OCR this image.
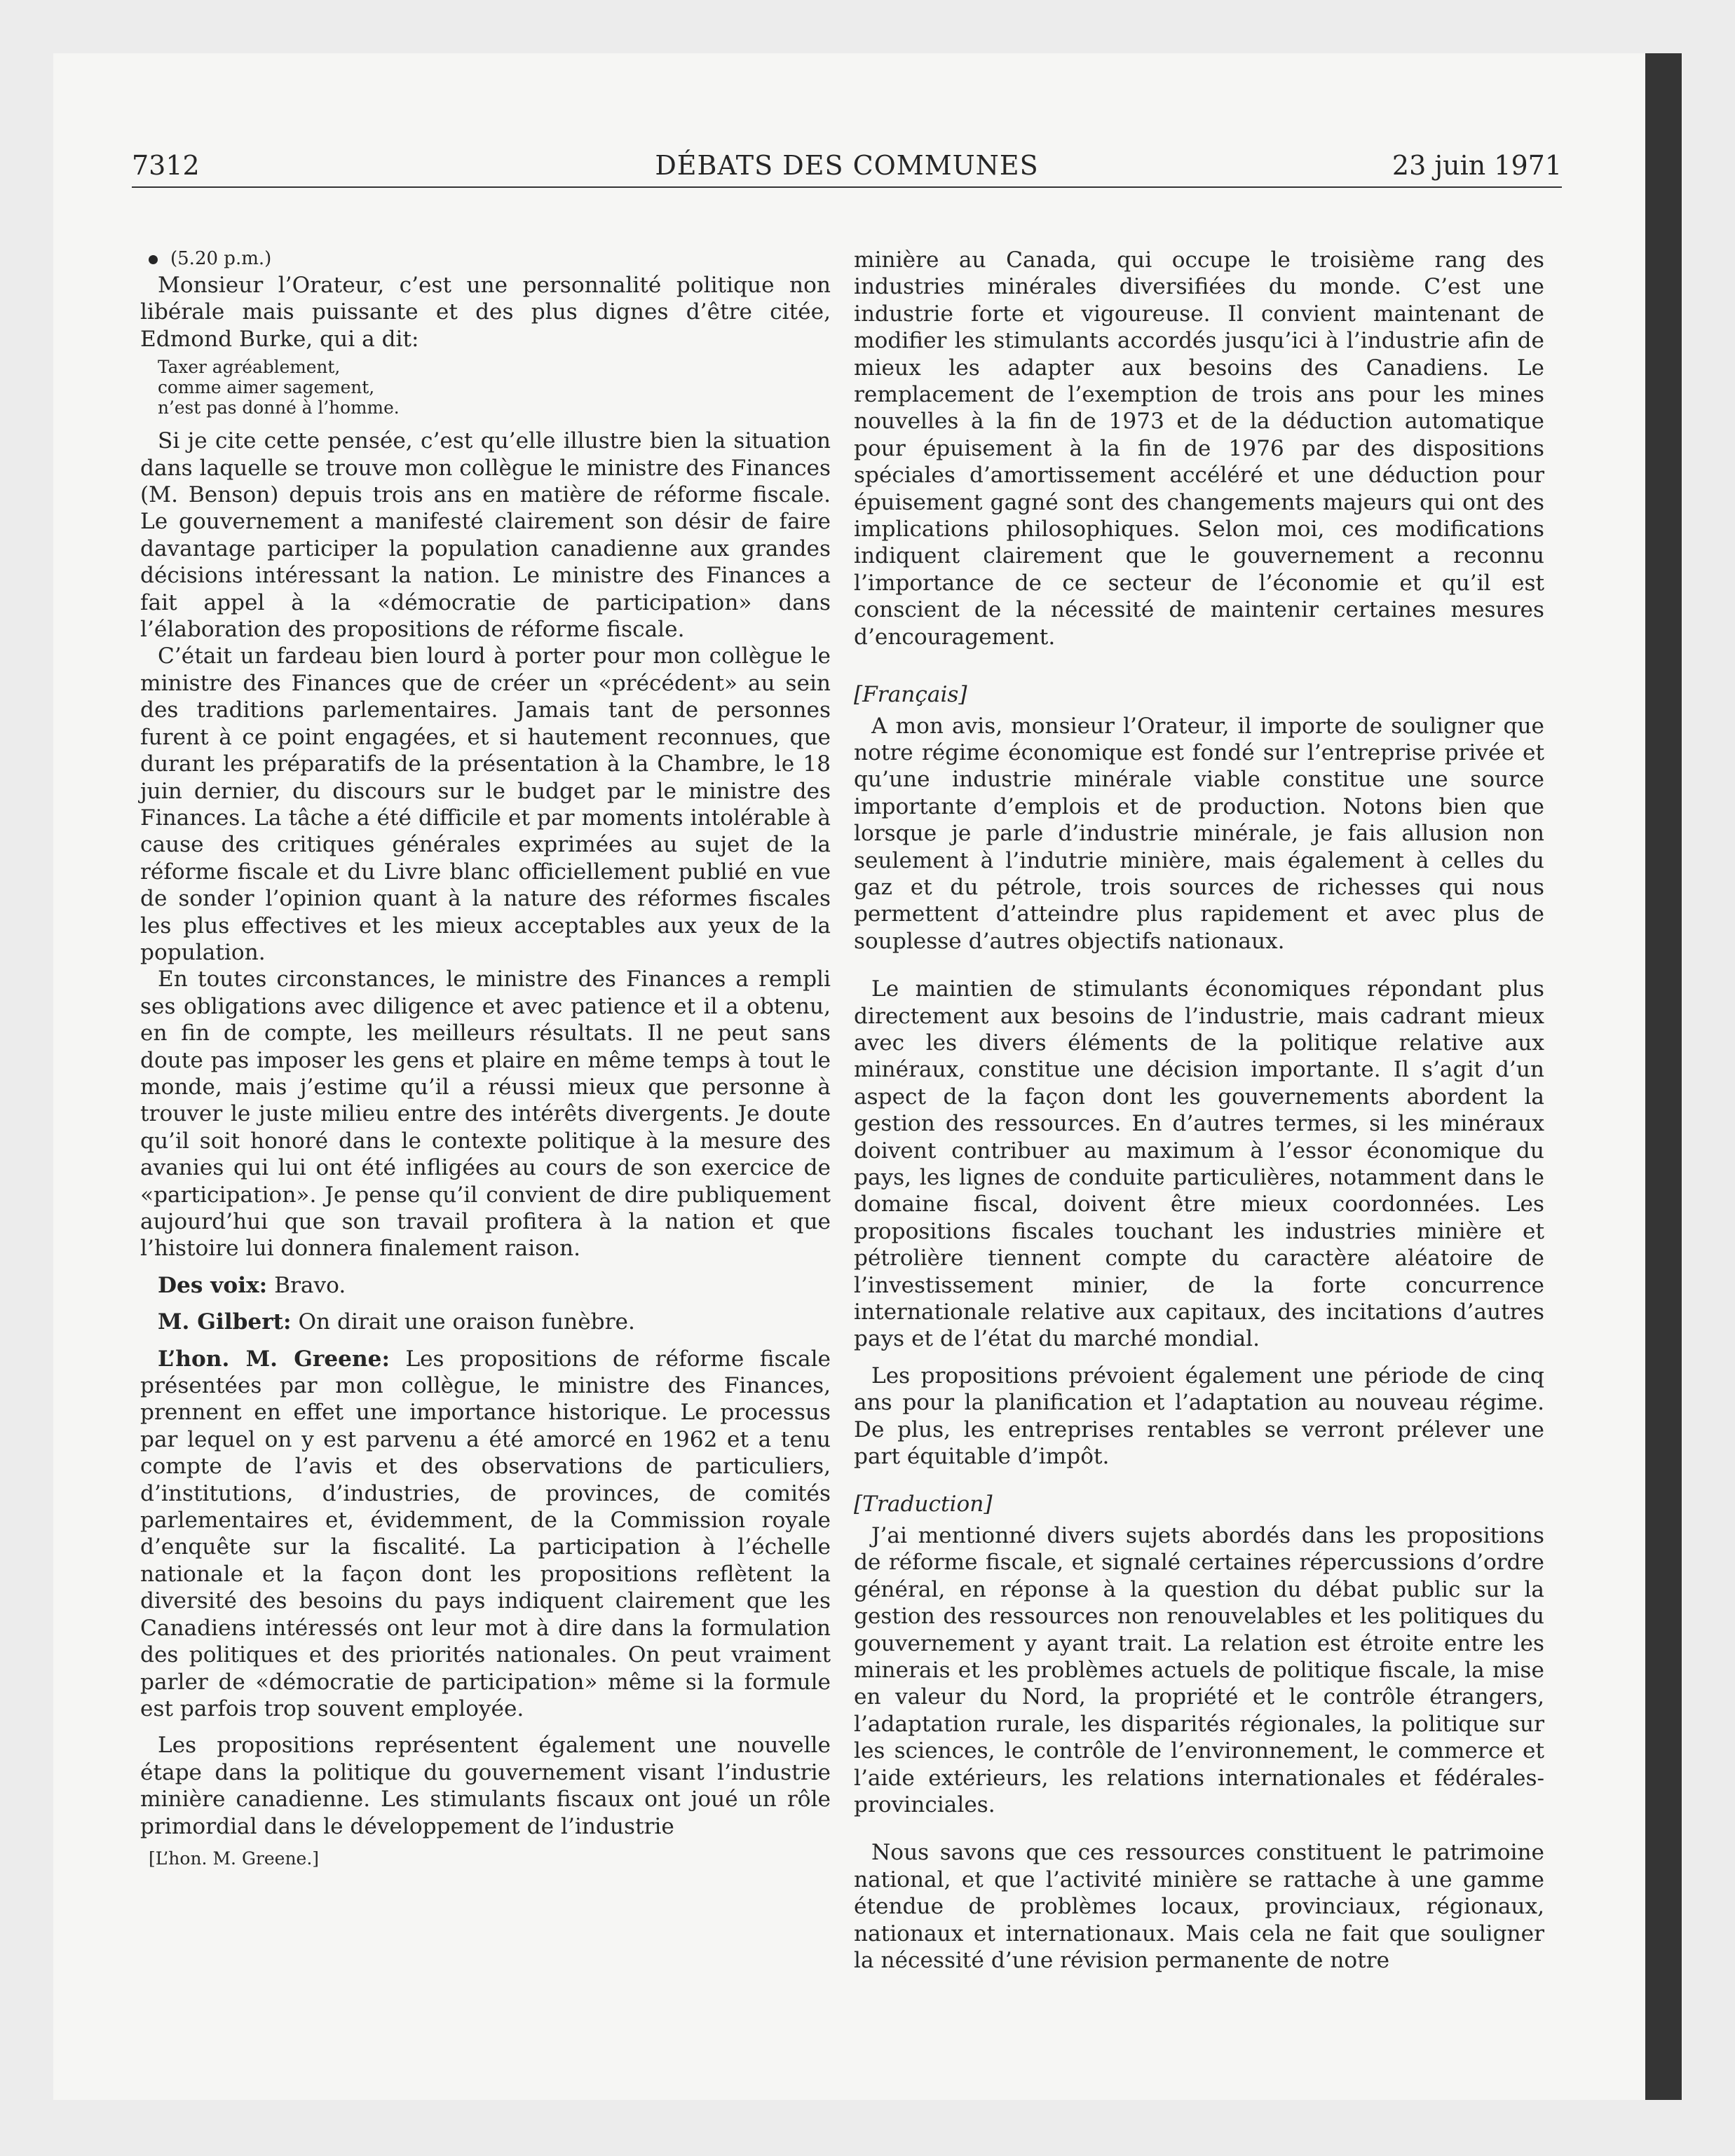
7312	DÉBATS DES COMMUNES	23 juin 1971
(5.20 p.m.)

Monsieur l’Orateur, c’est une personnalité politique non libérale mais puissante et des plus dignes d’être citée, Edmond Burke, qui a dit:

Taxer agréablement,
comme aimer sagement,
n’est pas donné à l’homme.

Si je cite cette pensée, c’est qu’elle illustre bien la situation dans laquelle se trouve mon collègue le ministre des Finances (M. Benson) depuis trois ans en matière de réforme fiscale. Le gouvernement a manifesté clairement son désir de faire davantage participer la population canadienne aux grandes décisions intéressant la nation. Le ministre des Finances a fait appel à la «démocratie de participation» dans l’élaboration des propositions de réforme fiscale.

C’était un fardeau bien lourd à porter pour mon collègue le ministre des Finances que de créer un «précédent» au sein des traditions parlementaires. Jamais tant de personnes furent à ce point engagées, et si hautement reconnues, que durant les préparatifs de la présentation à la Chambre, le 18 juin dernier, du discours sur le budget par le ministre des Finances. La tâche a été difficile et par moments intolérable à cause des critiques générales exprimées au sujet de la réforme fiscale et du Livre blanc officiellement publié en vue de sonder l’opinion quant à la nature des réformes fiscales les plus effectives et les mieux acceptables aux yeux de la population.

En toutes circonstances, le ministre des Finances a rempli ses obligations avec diligence et avec patience et il a obtenu, en fin de compte, les meilleurs résultats. Il ne peut sans doute pas imposer les gens et plaire en même temps à tout le monde, mais j’estime qu’il a réussi mieux que personne à trouver le juste milieu entre des intérêts divergents. Je doute qu’il soit honoré dans le contexte politique à la mesure des avanies qui lui ont été infligées au cours de son exercice de «participation». Je pense qu’il convient de dire publiquement aujourd’hui que son travail profitera à la nation et que l’histoire lui donnera finalement raison.

Des voix: Bravo.

M. Gilbert: On dirait une oraison funèbre.

L’hon. M. Greene: Les propositions de réforme fiscale présentées par mon collègue, le ministre des Finances, prennent en effet une importance historique. Le processus par lequel on y est parvenu a été amorcé en 1962 et a tenu compte de l’avis et des observations de particuliers, d’institutions, d’industries, de provinces, de comités parlementaires et, évidemment, de la Commission royale d’enquête sur la fiscalité. La participation à l’échelle nationale et la façon dont les propositions reflètent la diversité des besoins du pays indiquent clairement que les Canadiens intéressés ont leur mot à dire dans la formulation des politiques et des priorités nationales. On peut vraiment parler de «démocratie de participation» même si la formule est parfois trop souvent employée.

Les propositions représentent également une nouvelle étape dans la politique du gouvernement visant l’industrie minière canadienne. Les stimulants fiscaux ont joué un rôle primordial dans le développement de l’industrie

[L’hon. M. Greene.]

minière au Canada, qui occupe le troisième rang des industries minérales diversifiées du monde. C’est une industrie forte et vigoureuse. Il convient maintenant de modifier les stimulants accordés jusqu’ici à l’industrie afin de mieux les adapter aux besoins des Canadiens. Le remplacement de l’exemption de trois ans pour les mines nouvelles à la fin de 1973 et de la déduction automatique pour épuisement à la fin de 1976 par des dispositions spéciales d’amortissement accéléré et une déduction pour épuisement gagné sont des changements majeurs qui ont des implications philosophiques. Selon moi, ces modifications indiquent clairement que le gouvernement a reconnu l’importance de ce secteur de l’économie et qu’il est conscient de la nécessité de maintenir certaines mesures d’encouragement.

[Français]

A mon avis, monsieur l’Orateur, il importe de souligner que notre régime économique est fondé sur l’entreprise privée et qu’une industrie minérale viable constitue une source importante d’emplois et de production. Notons bien que lorsque je parle d’industrie minérale, je fais allusion non seulement à l’indutrie minière, mais également à celles du gaz et du pétrole, trois sources de richesses qui nous permettent d’atteindre plus rapidement et avec plus de souplesse d’autres objectifs nationaux.

Le maintien de stimulants économiques répondant plus directement aux besoins de l’industrie, mais cadrant mieux avec les divers éléments de la politique relative aux minéraux, constitue une décision importante. Il s’agit d’un aspect de la façon dont les gouvernements abordent la gestion des ressources. En d’autres termes, si les minéraux doivent contribuer au maximum à l’essor économique du pays, les lignes de conduite particulières, notamment dans le domaine fiscal, doivent être mieux coordonnées. Les propositions fiscales touchant les industries minière et pétrolière tiennent compte du caractère aléatoire de l’investissement minier, de la forte concurrence internationale relative aux capitaux, des incitations d’autres pays et de l’état du marché mondial.

Les propositions prévoient également une période de cinq ans pour la planification et l’adaptation au nouveau régime. De plus, les entreprises rentables se verront prélever une part équitable d’impôt.

[Traduction]

J’ai mentionné divers sujets abordés dans les propositions de réforme fiscale, et signalé certaines répercussions d’ordre général, en réponse à la question du débat public sur la gestion des ressources non renouvelables et les politiques du gouvernement y ayant trait. La relation est étroite entre les minerais et les problèmes actuels de politique fiscale, la mise en valeur du Nord, la propriété et le contrôle étrangers, l’adaptation rurale, les disparités régionales, la politique sur les sciences, le contrôle de l’environnement, le commerce et l’aide extérieurs, les relations internationales et fédérales-provinciales.

Nous savons que ces ressources constituent le patrimoine national, et que l’activité minière se rattache à une gamme étendue de problèmes locaux, provinciaux, régionaux, nationaux et internationaux. Mais cela ne fait que souligner la nécessité d’une révision permanente de notre
